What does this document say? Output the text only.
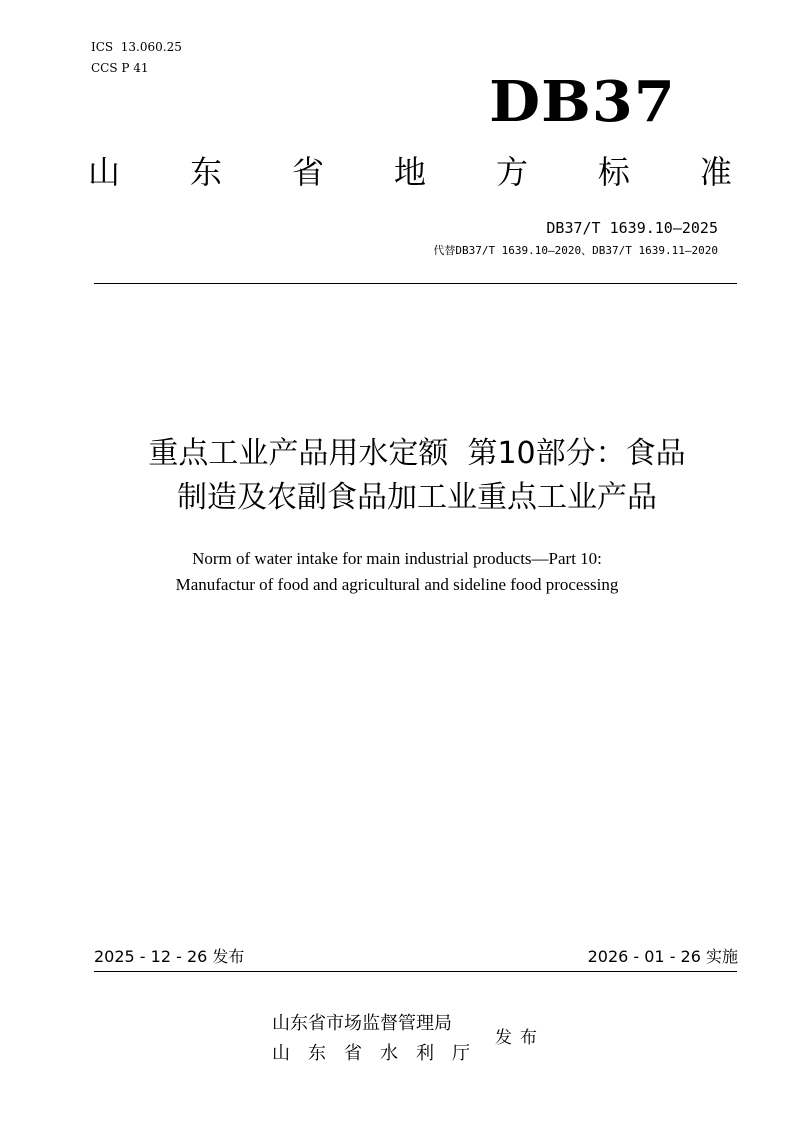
ICS  13.060.25
CCS P 41
DB37
山 东 省 地 方 标 准
DB37/T 1639.10—2025
代替DB37/T 1639.10—2020、DB37/T 1639.11—2020
重点工业产品用水定额  第10部分：食品
制造及农副食品加工业重点工业产品
Norm of water intake for main industrial products—Part 10:
Manufactur of food and agricultural and sideline food processing
2025 - 12 - 26 发布	2026 - 01 - 26 实施
山东省市场监督管理局
山 东 省 水 利 厅
发布
